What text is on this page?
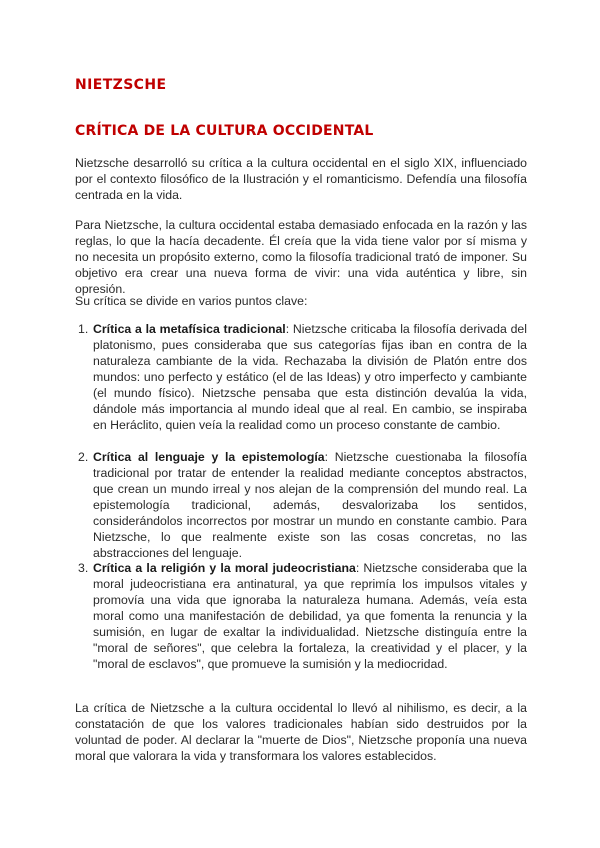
NIETZSCHE
CRÍTICA DE LA CULTURA OCCIDENTAL

Nietzsche desarrolló su crítica a la cultura occidental en el siglo XIX, influenciado por el contexto filosófico de la Ilustración y el romanticismo. Defendía una filosofía centrada en la vida.

Para Nietzsche, la cultura occidental estaba demasiado enfocada en la razón y las reglas, lo que la hacía decadente. Él creía que la vida tiene valor por sí misma y no necesita un propósito externo, como la filosofía tradicional trató de imponer. Su objetivo era crear una nueva forma de vivir: una vida auténtica y libre, sin opresión.

Su crítica se divide en varios puntos clave:

1. Crítica a la metafísica tradicional: Nietzsche criticaba la filosofía derivada del platonismo, pues consideraba que sus categorías fijas iban en contra de la naturaleza cambiante de la vida. Rechazaba la división de Platón entre dos mundos: uno perfecto y estático (el de las Ideas) y otro imperfecto y cambiante (el mundo físico). Nietzsche pensaba que esta distinción devalúa la vida, dándole más importancia al mundo ideal que al real. En cambio, se inspiraba en Heráclito, quien veía la realidad como un proceso constante de cambio.

2. Crítica al lenguaje y la epistemología: Nietzsche cuestionaba la filosofía tradicional por tratar de entender la realidad mediante conceptos abstractos, que crean un mundo irreal y nos alejan de la comprensión del mundo real. La epistemología tradicional, además, desvalorizaba los sentidos, considerándolos incorrectos por mostrar un mundo en constante cambio. Para Nietzsche, lo que realmente existe son las cosas concretas, no las abstracciones del lenguaje.

3. Crítica a la religión y la moral judeocristiana: Nietzsche consideraba que la moral judeocristiana era antinatural, ya que reprimía los impulsos vitales y promovía una vida que ignoraba la naturaleza humana. Además, veía esta moral como una manifestación de debilidad, ya que fomenta la renuncia y la sumisión, en lugar de exaltar la individualidad. Nietzsche distinguía entre la "moral de señores", que celebra la fortaleza, la creatividad y el placer, y la "moral de esclavos", que promueve la sumisión y la mediocridad.

La crítica de Nietzsche a la cultura occidental lo llevó al nihilismo, es decir, a la constatación de que los valores tradicionales habían sido destruidos por la voluntad de poder. Al declarar la "muerte de Dios", Nietzsche proponía una nueva moral que valorara la vida y transformara los valores establecidos.
